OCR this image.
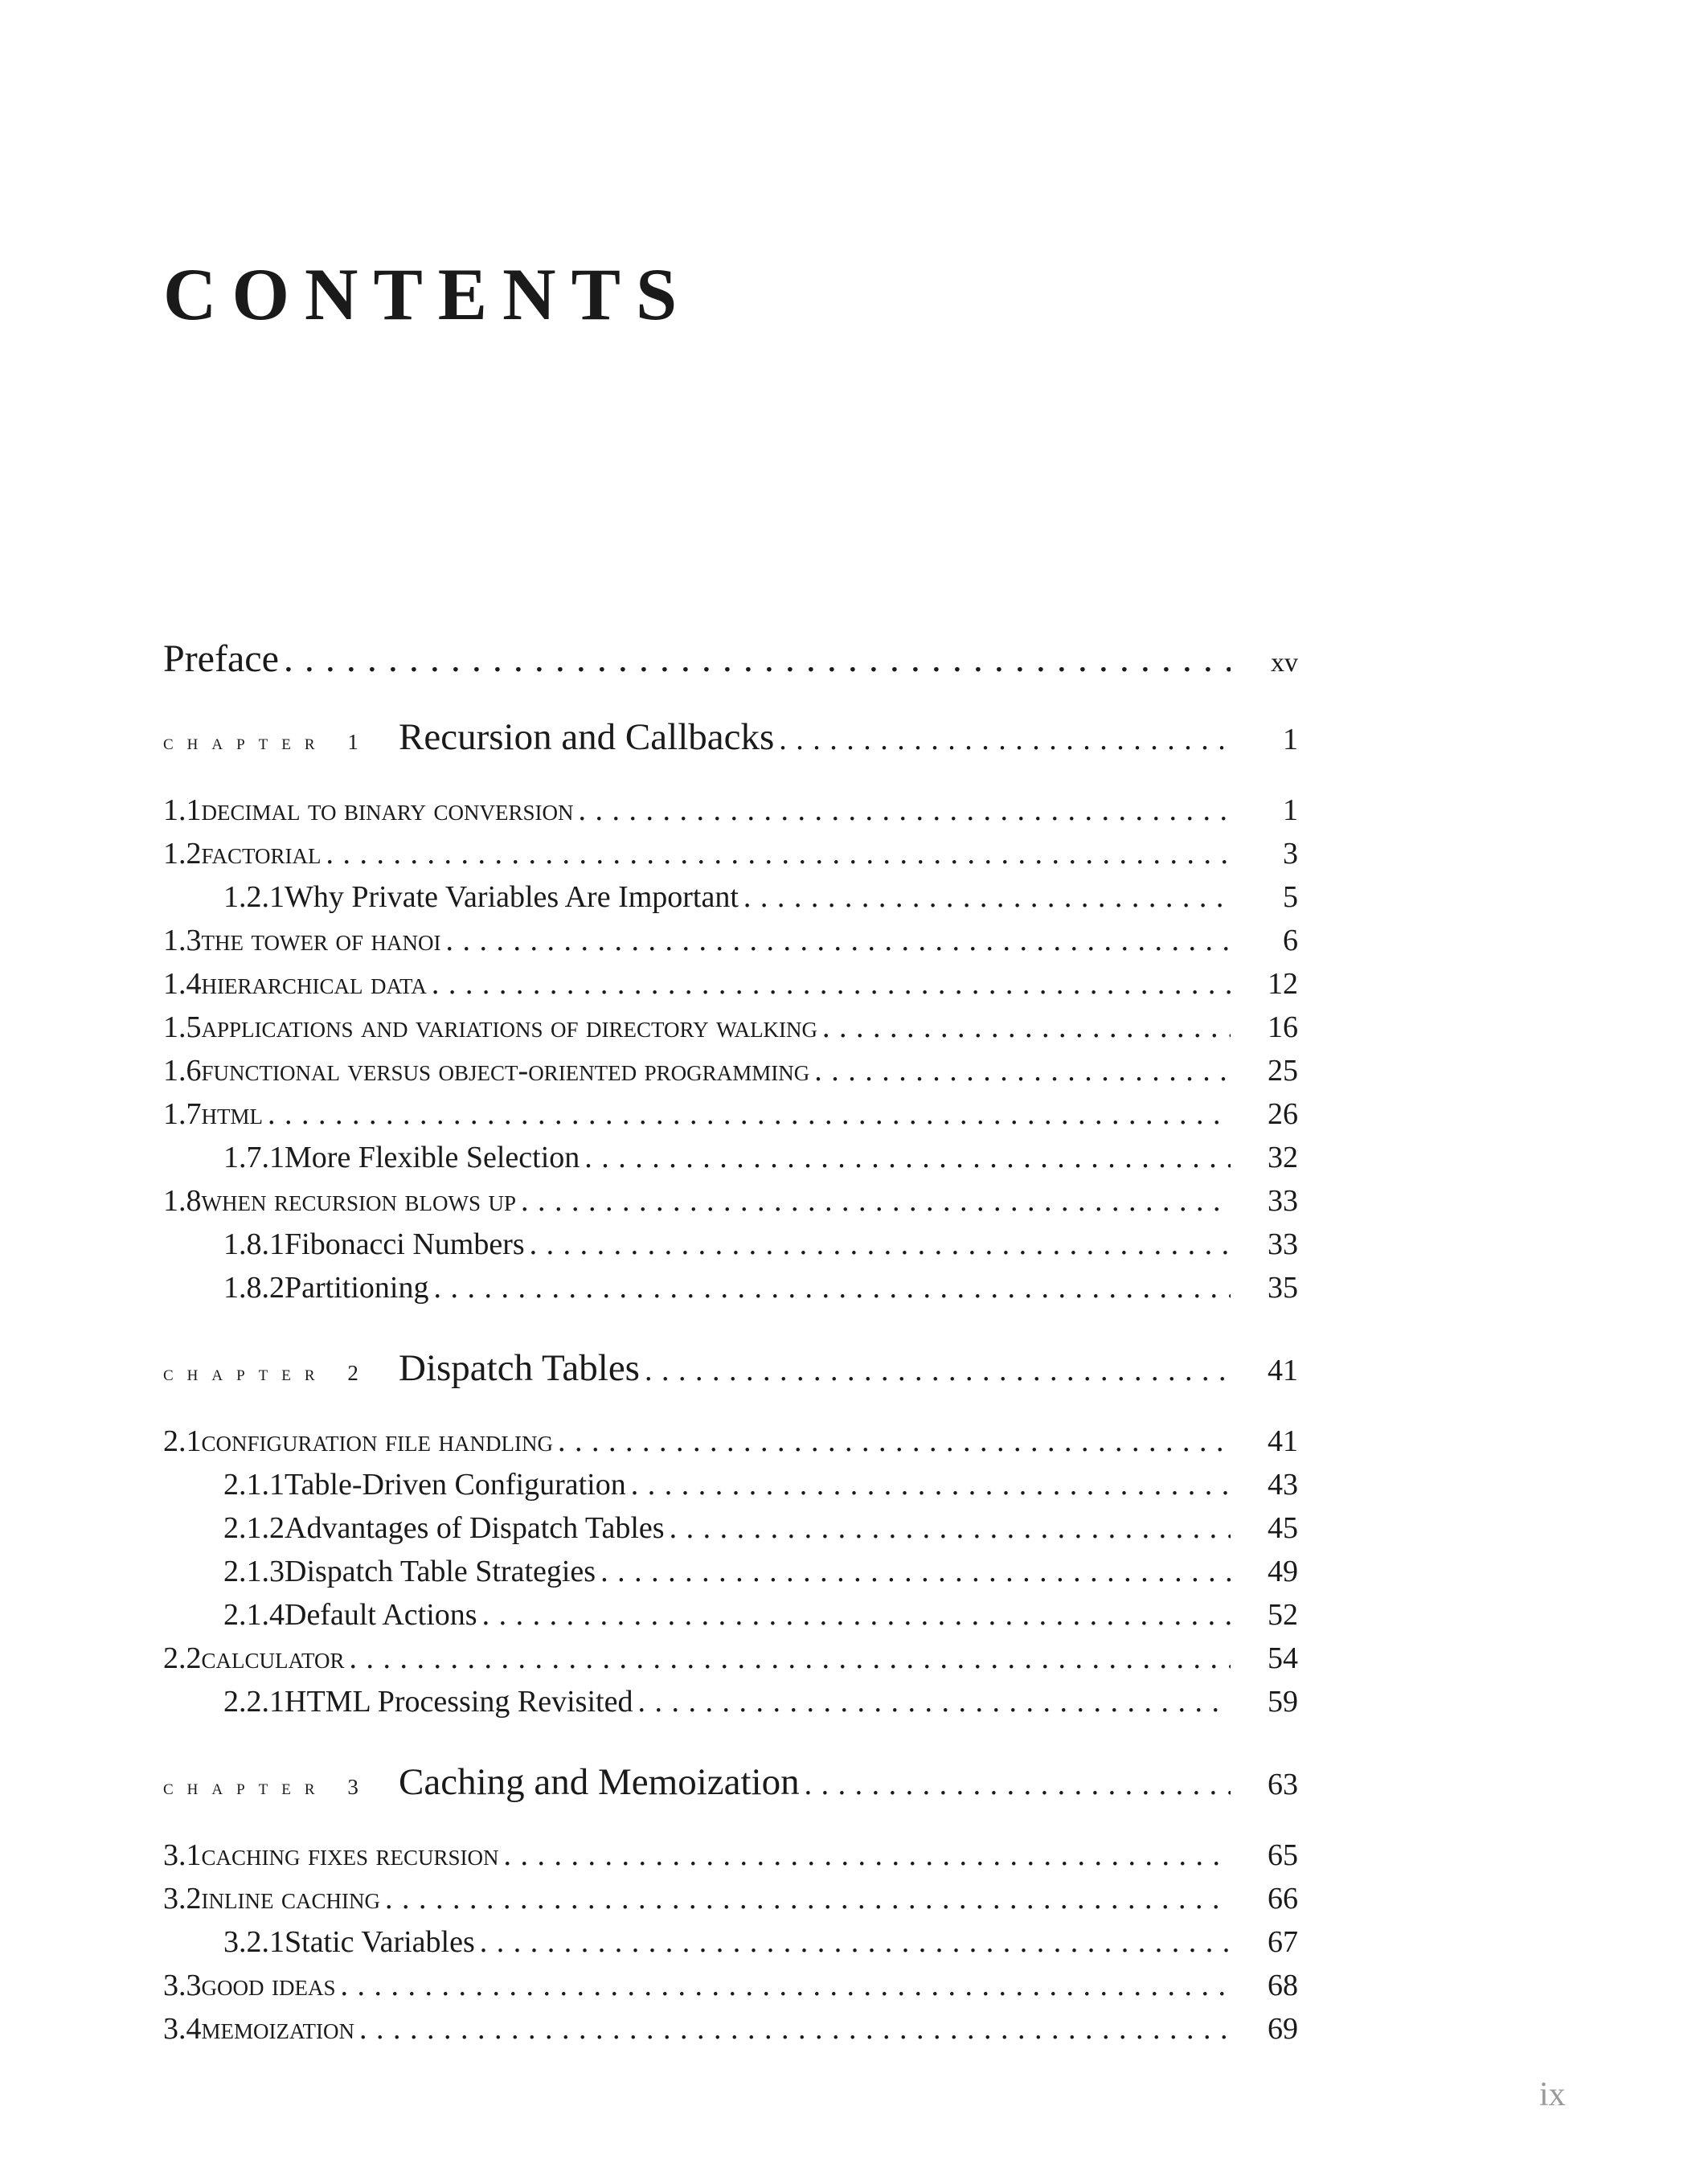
CONTENTS
Preface . . .	xv
chapter 1 Recursion and Callbacks . . .	1
1.1 decimal to binary conversion . . .	1
1.2 factorial . . .	3
1.2.1 Why Private Variables Are Important . . .	5
1.3 the tower of hanoi . . .	6
1.4 hierarchical data . . .	12
1.5 applications and variations of directory walking . . .	16
1.6 functional versus object-oriented programming . . .	25
1.7 html . . .	26
1.7.1 More Flexible Selection . . .	32
1.8 when recursion blows up . . .	33
1.8.1 Fibonacci Numbers . . .	33
1.8.2 Partitioning . . .	35
chapter 2 Dispatch Tables . . .	41
2.1 configuration file handling . . .	41
2.1.1 Table-Driven Configuration . . .	43
2.1.2 Advantages of Dispatch Tables . . .	45
2.1.3 Dispatch Table Strategies . . .	49
2.1.4 Default Actions . . .	52
2.2 calculator . . .	54
2.2.1 HTML Processing Revisited . . .	59
chapter 3 Caching and Memoization . . .	63
3.1 caching fixes recursion . . .	65
3.2 inline caching . . .	66
3.2.1 Static Variables . . .	67
3.3 good ideas . . .	68
3.4 memoization . . .	69
ix
